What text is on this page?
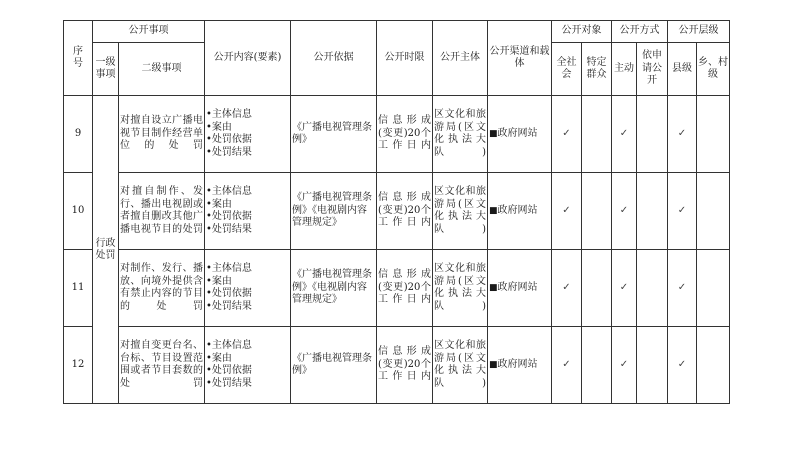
序号	公开事项		公开内容(要素)	公开依据	公开时限	公开主体	公开渠道和载体	公开对象		公开方式		公开层级	
	一级事项	二级事项						全社会	特定群众	主动	依申请公开	县级	乡、村级
9	行政处罚	对擅自设立广播电视节目制作经营单位的处罚	•主体信息
•案由
•处罚依据
•处罚结果	《广播电视管理条例》	信息形成(变更)20个工作日内	区文化和旅游局(区文化执法大队)	■政府网站	✓		✓		✓	
10		对擅自制作、发行、播出电视剧或者擅自删改其他广播电视节目的处罚	•主体信息
•案由
•处罚依据
•处罚结果	《广播电视管理条例》《电视剧内容管理规定》	信息形成(变更)20个工作日内	区文化和旅游局(区文化执法大队)	■政府网站	✓		✓		✓	
11		对制作、发行、播放、向境外提供含有禁止内容的节目的处罚	•主体信息
•案由
•处罚依据
•处罚结果	《广播电视管理条例》《电视剧内容管理规定》	信息形成(变更)20个工作日内	区文化和旅游局(区文化执法大队)	■政府网站	✓		✓		✓	
12		对擅自变更台名、台标、节目设置范围或者节目套数的处罚	•主体信息
•案由
•处罚依据
•处罚结果	《广播电视管理条例》	信息形成(变更)20个工作日内	区文化和旅游局(区文化执法大队)	■政府网站	✓		✓		✓	
